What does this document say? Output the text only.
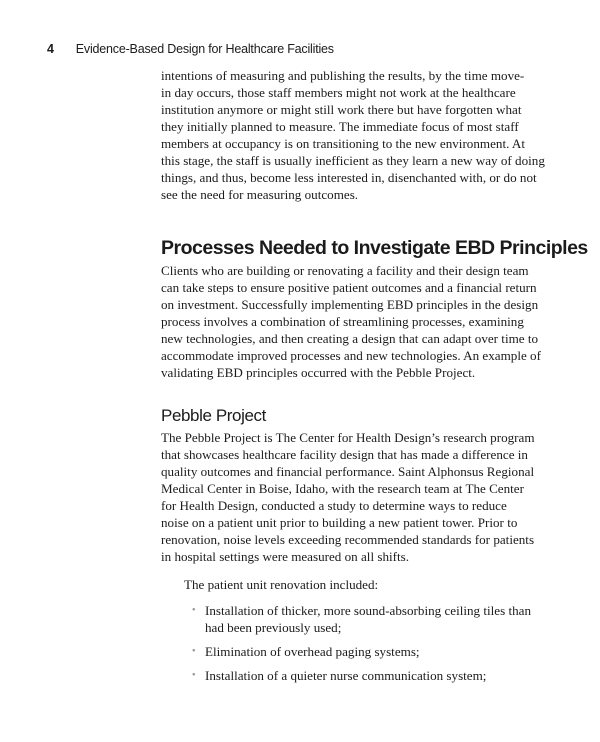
4 Evidence-Based Design for Healthcare Facilities

intentions of measuring and publishing the results, by the time move-
in day occurs, those staff members might not work at the healthcare
institution anymore or might still work there but have forgotten what
they initially planned to measure. The immediate focus of most staff
members at occupancy is on transitioning to the new environment. At
this stage, the staff is usually inefficient as they learn a new way of doing
things, and thus, become less interested in, disenchanted with, or do not
see the need for measuring outcomes.

Processes Needed to Investigate EBD Principles

Clients who are building or renovating a facility and their design team
can take steps to ensure positive patient outcomes and a financial return
on investment. Successfully implementing EBD principles in the design
process involves a combination of streamlining processes, examining
new technologies, and then creating a design that can adapt over time to
accommodate improved processes and new technologies. An example of
validating EBD principles occurred with the Pebble Project.

Pebble Project

The Pebble Project is The Center for Health Design’s research program
that showcases healthcare facility design that has made a difference in
quality outcomes and financial performance. Saint Alphonsus Regional
Medical Center in Boise, Idaho, with the research team at The Center
for Health Design, conducted a study to determine ways to reduce
noise on a patient unit prior to building a new patient tower. Prior to
renovation, noise levels exceeding recommended standards for patients
in hospital settings were measured on all shifts.

The patient unit renovation included:

• Installation of thicker, more sound-absorbing ceiling tiles than
had been previously used;
• Elimination of overhead paging systems;
• Installation of a quieter nurse communication system;
